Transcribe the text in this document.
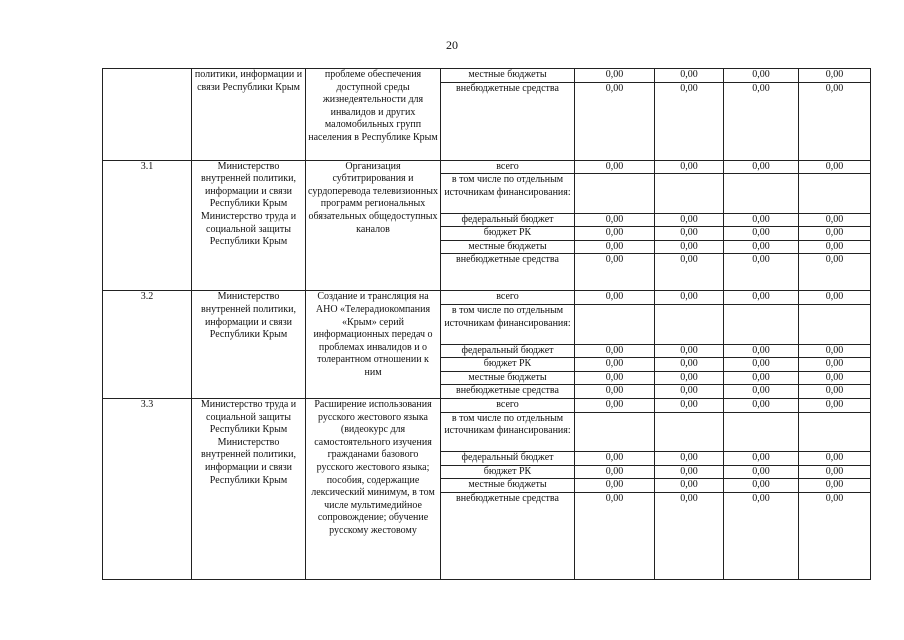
20
	политики, информации и связи Республики Крым	проблеме обеспечения доступной среды жизнедеятельности для инвалидов и других маломобильных групп населения в Республике Крым	местные бюджеты	0,00	0,00	0,00	0,00
			внебюджетные средства	0,00	0,00	0,00	0,00
3.1	Министерство внутренней политики, информации и связи Республики Крым Министерство труда и социальной защиты Республики Крым	Организация субтитрирования и сурдоперевода телевизионных программ региональных обязательных общедоступных каналов	всего	0,00	0,00	0,00	0,00
			в том числе по отдельным источникам финансирования:				
			федеральный бюджет	0,00	0,00	0,00	0,00
			бюджет РК	0,00	0,00	0,00	0,00
			местные бюджеты	0,00	0,00	0,00	0,00
			внебюджетные средства	0,00	0,00	0,00	0,00
3.2	Министерство внутренней политики, информации и связи Республики Крым	Создание и трансляция на АНО «Телерадиокомпания «Крым» серий информационных передач о проблемах инвалидов и о толерантном отношении к ним	всего	0,00	0,00	0,00	0,00
			в том числе по отдельным источникам финансирования:				
			федеральный бюджет	0,00	0,00	0,00	0,00
			бюджет РК	0,00	0,00	0,00	0,00
			местные бюджеты	0,00	0,00	0,00	0,00
			внебюджетные средства	0,00	0,00	0,00	0,00
3.3	Министерство труда и социальной защиты Республики Крым Министерство внутренней политики, информации и связи Республики Крым	Расширение использования русского жестового языка (видеокурс для самостоятельного изучения гражданами базового русского жестового языка; пособия, содержащие лексический минимум, в том числе мультимедийное сопровождение; обучение русскому жестовому	всего	0,00	0,00	0,00	0,00
			в том числе по отдельным источникам финансирования:				
			федеральный бюджет	0,00	0,00	0,00	0,00
			бюджет РК	0,00	0,00	0,00	0,00
			местные бюджеты	0,00	0,00	0,00	0,00
			внебюджетные средства	0,00	0,00	0,00	0,00
